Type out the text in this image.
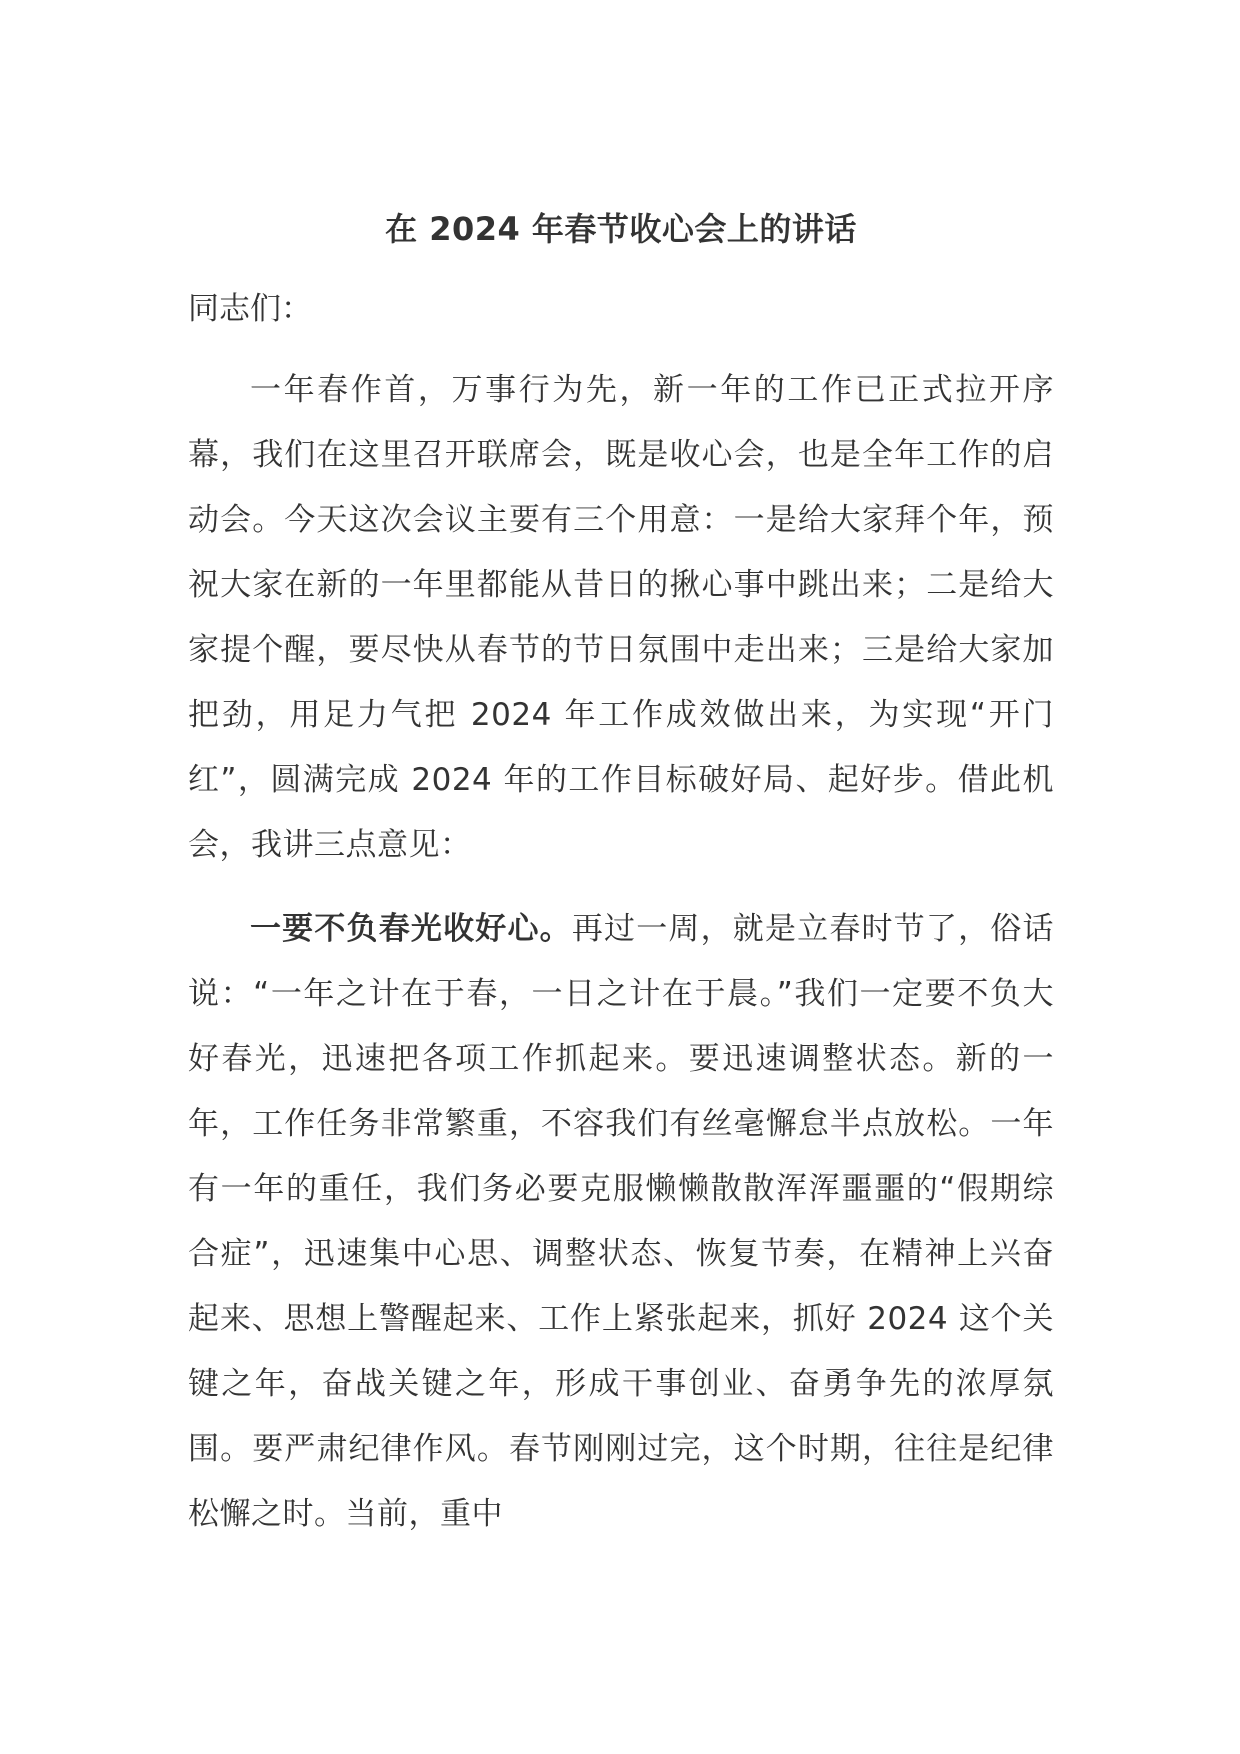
在 2024 年春节收心会上的讲话

同志们：

一年春作首，万事行为先，新一年的工作已正式拉开序幕，我们在这里召开联席会，既是收心会，也是全年工作的启动会。今天这次会议主要有三个用意：一是给大家拜个年，预祝大家在新的一年里都能从昔日的揪心事中跳出来；二是给大家提个醒，要尽快从春节的节日氛围中走出来；三是给大家加把劲，用足力气把 2024 年工作成效做出来，为实现“开门红”，圆满完成 2024 年的工作目标破好局、起好步。借此机会，我讲三点意见：

一要不负春光收好心。再过一周，就是立春时节了，俗话说：“一年之计在于春，一日之计在于晨。”我们一定要不负大好春光，迅速把各项工作抓起来。要迅速调整状态。新的一年，工作任务非常繁重，不容我们有丝毫懈怠半点放松。一年有一年的重任，我们务必要克服懒懒散散浑浑噩噩的“假期综合症”，迅速集中心思、调整状态、恢复节奏，在精神上兴奋起来、思想上警醒起来、工作上紧张起来，抓好 2024 这个关键之年，奋战关键之年，形成干事创业、奋勇争先的浓厚氛围。要严肃纪律作风。春节刚刚过完，这个时期，往往是纪律松懈之时。当前，重中
